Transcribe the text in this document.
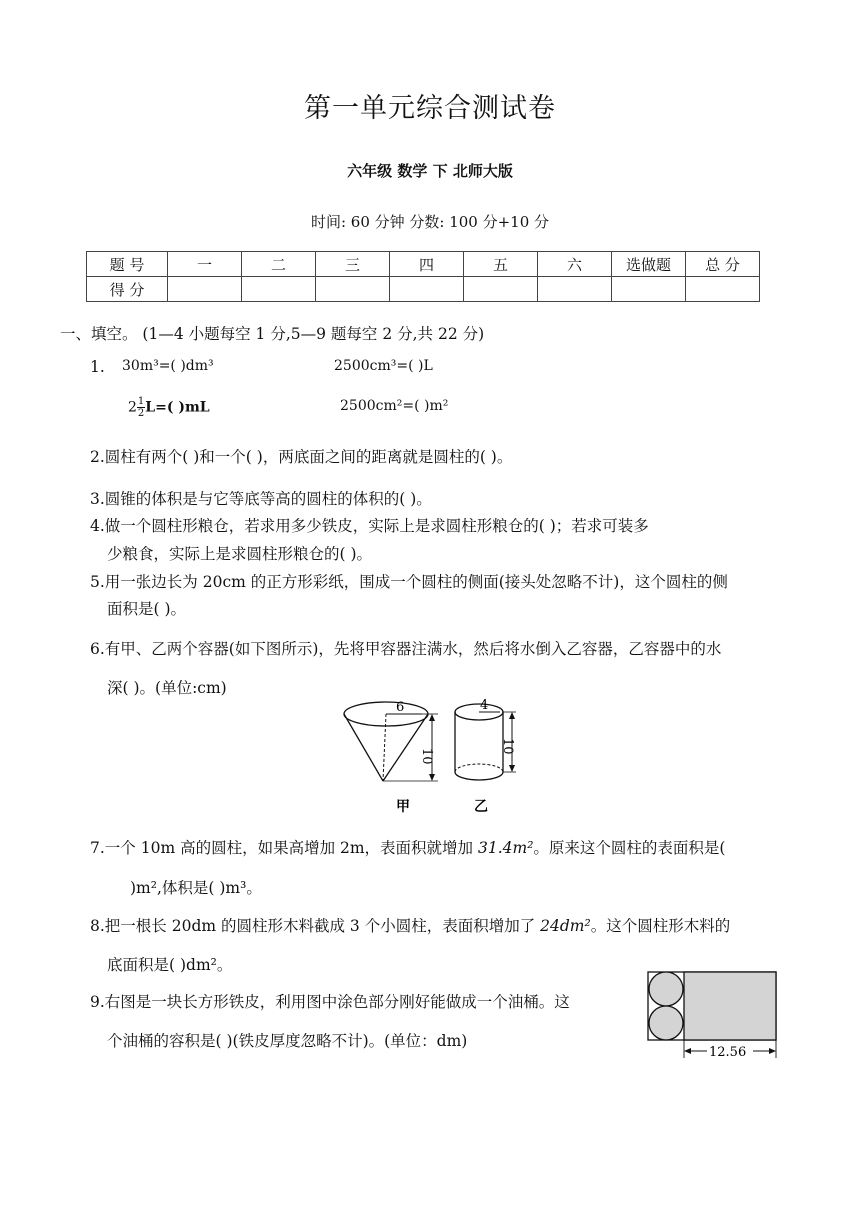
第一单元综合测试卷
六年级 数学 下 北师大版
时间: 60 分钟 分数: 100 分+10 分
题 号	一	二	三	四	五	六	选做题	总 分
得 分								
一、填空。 (1—4 小题每空 1 分,5—9 题每空 2 分,共 22 分)
1. 30m³=( )dm³	2500cm³=( )L
$2 \frac{1}{2} L=$( )mL	2500cm²=( )m²
2.圆柱有两个( )和一个( )，两底面之间的距离就是圆柱的( )。
3.圆锥的体积是与它等底等高的圆柱的体积的( )。
4.做一个圆柱形粮仓，若求用多少铁皮，实际上是求圆柱形粮仓的( )；若求可装多
少粮食，实际上是求圆柱形粮仓的( )。
5.用一张边长为 20cm 的正方形彩纸，围成一个圆柱的侧面(接头处忽略不计)，这个圆柱的侧
面积是( )。
6.有甲、乙两个容器(如下图所示)，先将甲容器注满水，然后将水倒入乙容器，乙容器中的水
深( )。(单位:cm)
6
10
4
10
甲	乙
7.一个 10m 高的圆柱，如果高增加 2m，表面积就增加 31.4m²。原来这个圆柱的表面积是(
)m²,体积是( )m³。
8.把一根长 20dm 的圆柱形木料截成 3 个小圆柱，表面积增加了 24dm²。这个圆柱形木料的
底面积是( )dm²。
9.右图是一块长方形铁皮，利用图中涂色部分刚好能做成一个油桶。这
个油桶的容积是( )(铁皮厚度忽略不计)。(单位：dm)
12.56
